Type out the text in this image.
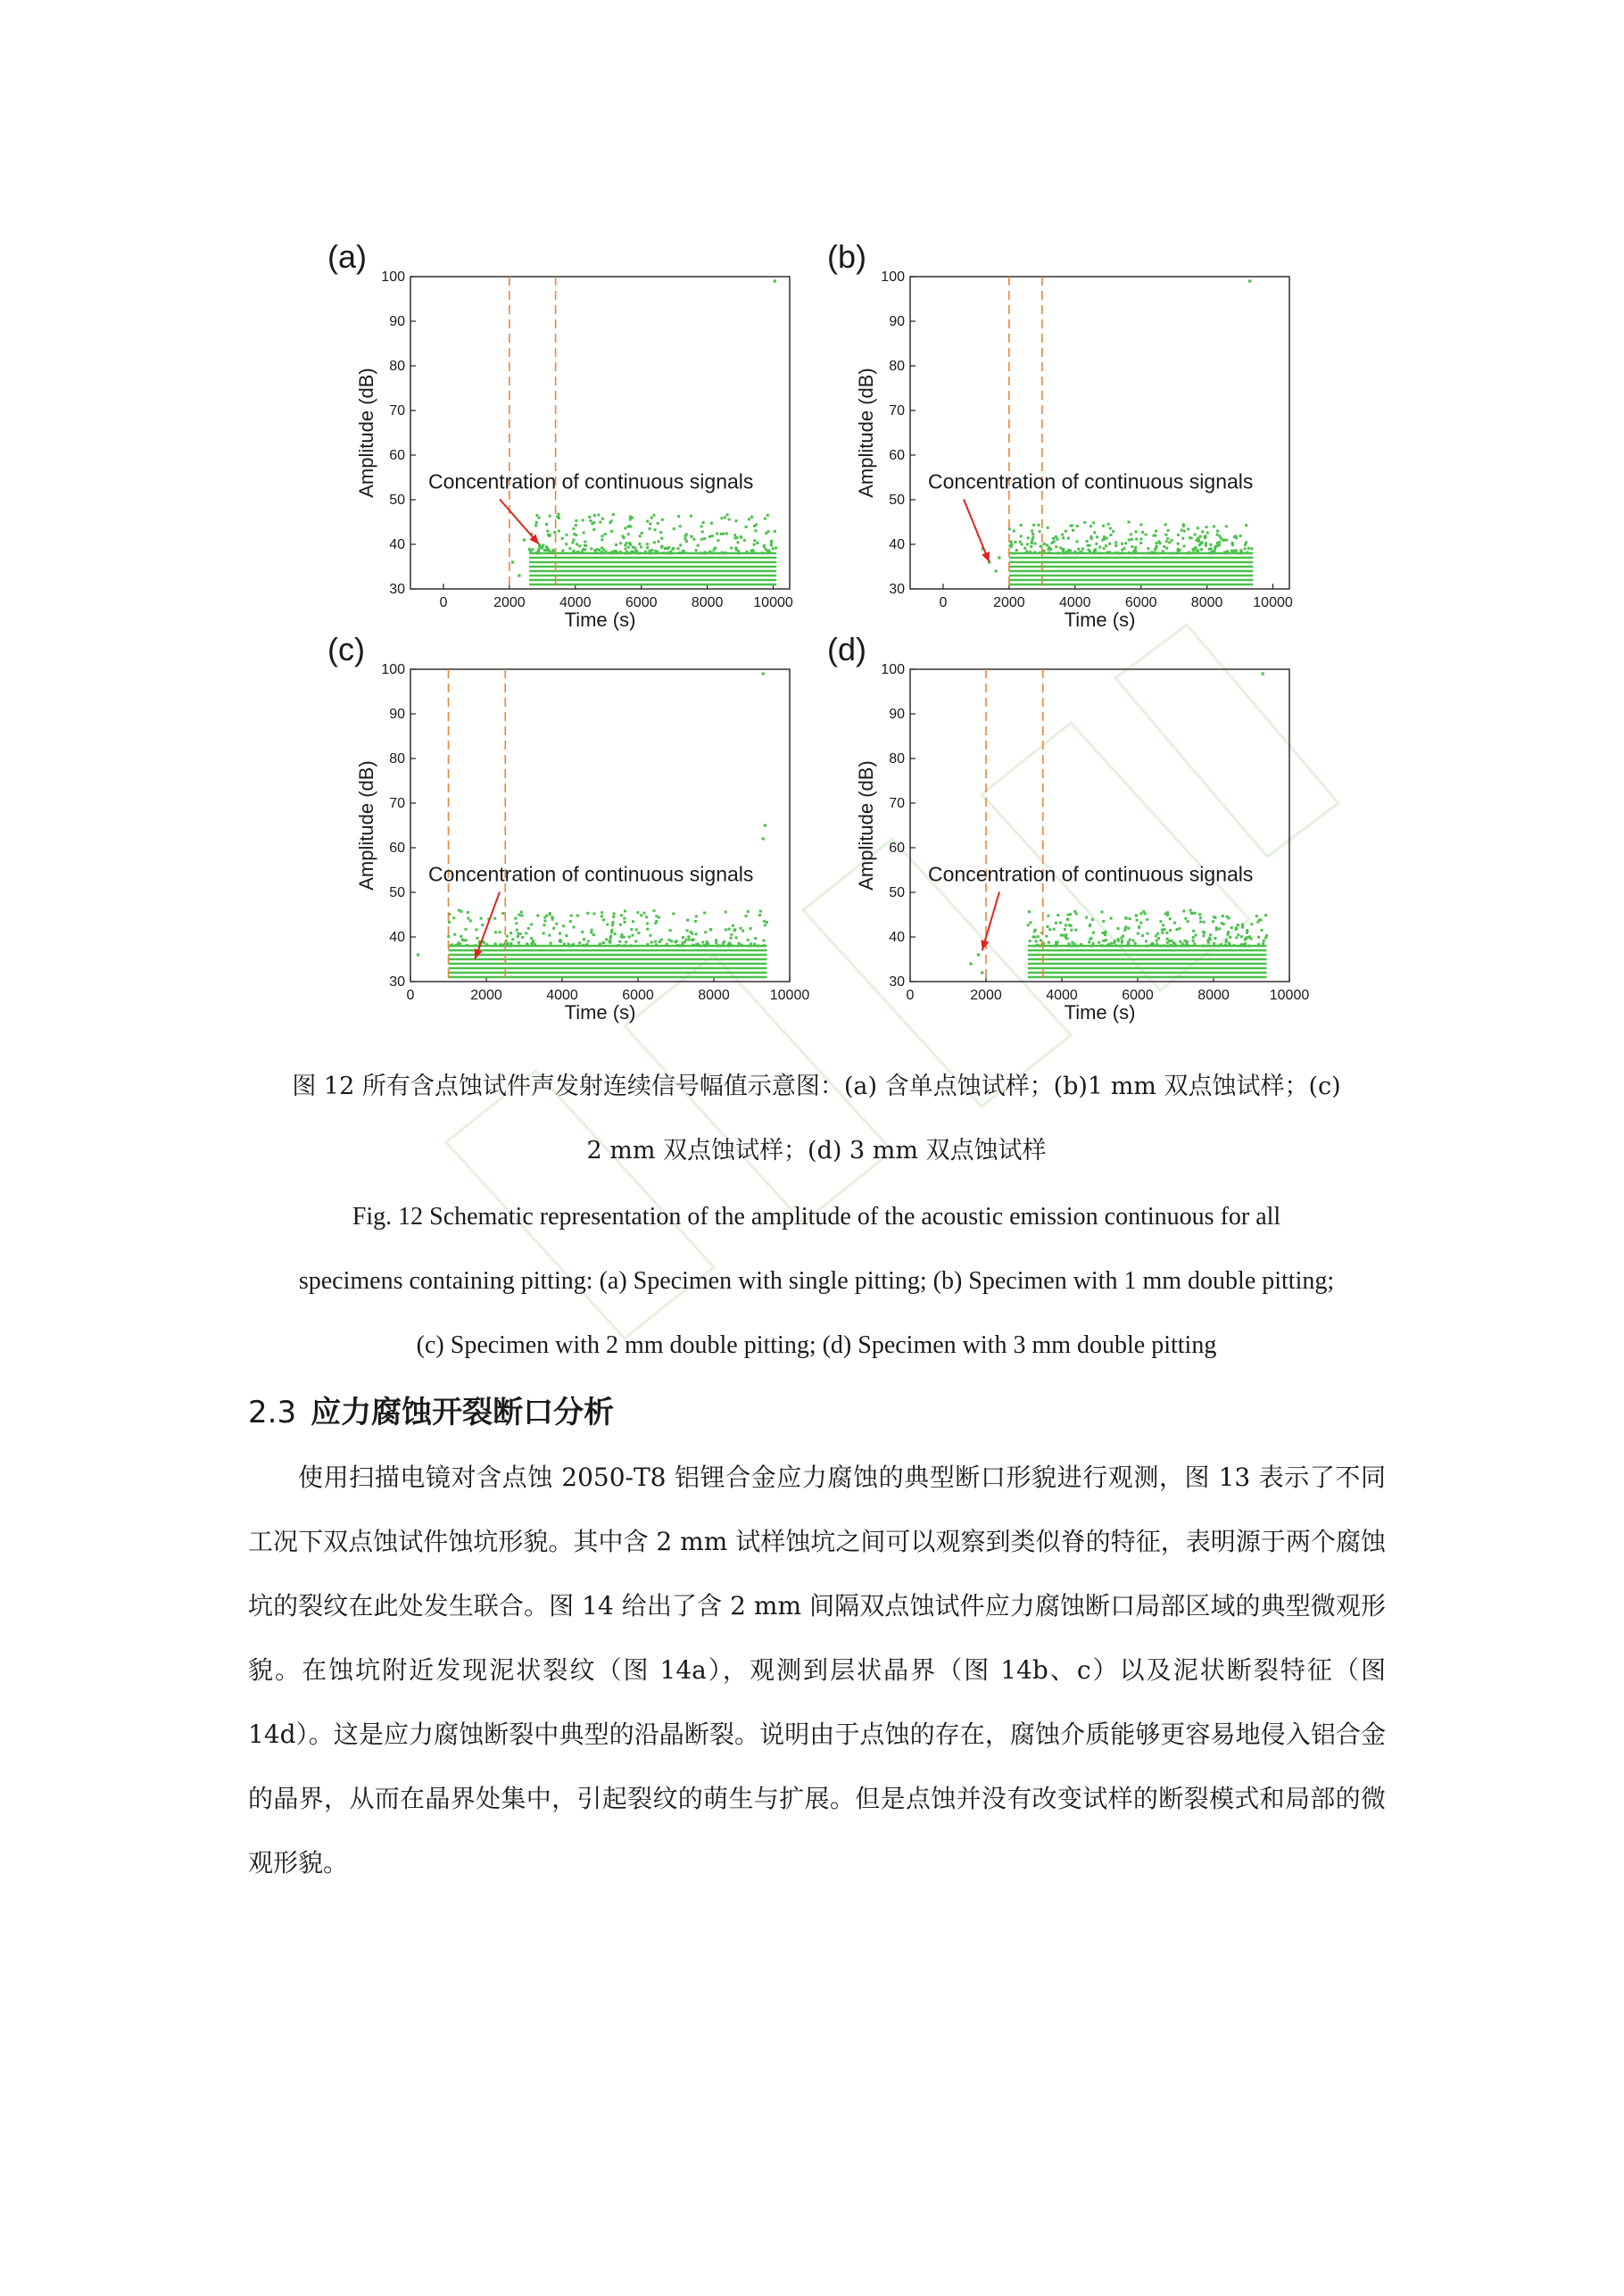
(a)
30
40
50
60
70
80
90
100
0	2000 4000 6000 8000 10000
Time (s)
Amplitude (dB) Concentration of continuous signals
(b)
30
40
50
60
70
80
90
100
0	2000 4000 6000 8000 10000
Time (s)
Amplitude (dB) Concentration of continuous signals
(c)
30
40
50
60
70
80
90
100
0	2000	4000	6000	8000	10000
Time (s)
Amplitude (dB) Concentration of continuous signals
(d)
30
40
50
60
70
80
90
100
0	2000	4000	6000	8000	10000
Time (s)
Amplitude (dB) Concentration of continuous signals
图 12 所有含点蚀试件声发射连续信号幅值示意图：(a) 含单点蚀试样；(b)1 mm 双点蚀试样；(c)
2 mm 双点蚀试样；(d) 3 mm 双点蚀试样
Fig. 12 Schematic representation of the amplitude of the acoustic emission continuous for all
specimens containing pitting: (a) Specimen with single pitting; (b) Specimen with 1 mm double pitting;
(c) Specimen with 2 mm double pitting; (d) Specimen with 3 mm double pitting
2.3 应力腐蚀开裂断口分析

使用扫描电镜对含点蚀 2050-T8 铝锂合金应力腐蚀的典型断口形貌进行观测，图 13 表示了不同工况下双点蚀试件蚀坑形貌。其中含 2 mm 试样蚀坑之间可以观察到类似脊的特征，表明源于两个腐蚀坑的裂纹在此处发生联合。图 14 给出了含 2 mm 间隔双点蚀试件应力腐蚀断口局部区域的典型微观形貌。在蚀坑附近发现泥状裂纹（图 14a），观测到层状晶界（图 14b、c）以及泥状断裂特征（图 14d）。这是应力腐蚀断裂中典型的沿晶断裂。说明由于点蚀的存在，腐蚀介质能够更容易地侵入铝合金的晶界，从而在晶界处集中，引起裂纹的萌生与扩展。但是点蚀并没有改变试样的断裂模式和局部的微观形貌。
